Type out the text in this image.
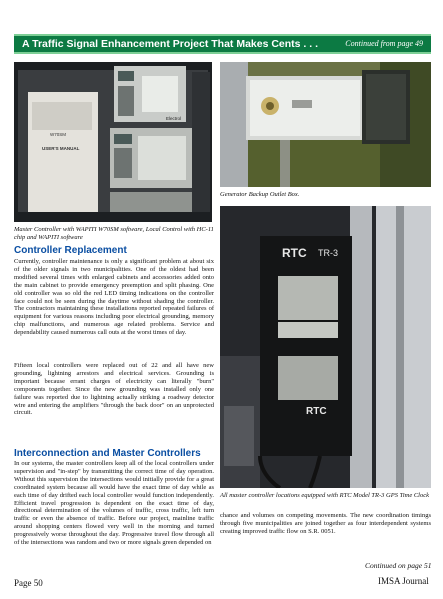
A Traffic Signal Enhancement Project That Makes Cents . . .	Continued from page 49
Electrol
W70SM
USER'S MANUAL
Master Controller with WAPITI W70SM software, Local Control with HC-11 chip and WAPITI software
Generator Backup Outlet Box.
RTC TR-3
RTC
All master controller locations equipped with RTC Model TR-3 GPS Time Clock
Controller Replacement

Currently, controller maintenance is only a significant problem at about six of the older signals in two municipalities. One of the oldest had been modified several times with enlarged cabinets and accessories added onto the main cabinet to provide emergency preemption and split phasing. One old controller was so old the red LED timing indications on the controller face could not be seen during the daytime without shading the controller. The contractors maintaining these installations reported repeated failures of equipment for various reasons including poor electrical grounding, memory chip malfunctions, and numerous age related problems. Service and dependability caused numerous call outs at the worst times of day.

Fifteen local controllers were replaced out of 22 and all have new grounding, lightning arrestors and electrical services. Grounding is important because errant charges of electricity can literally "burn" components together. Since the new grounding was installed only one failure was reported due to lightning actually striking a roadway detector wire and entering the amplifiers "through the back door" on an unprotected circuit.

Interconnection and Master Controllers

In our systems, the master controllers keep all of the local controllers under supervision and "in-step" by transmitting the correct time of day operation. Without this supervision the intersections would initially provide for a great coordinated system because all would have the exact time of day while as each time of day drifted each local controller would function independently. Efficient travel progression is dependent on the exact time of day, directional determination of the volumes of traffic, cross traffic, left turn traffic or even the absence of traffic. Before our project, mainline traffic around shopping centers flowed very well in the morning and turned progressively worse throughout the day. Progressive travel flow through all of the intersections was random and two or more signals green depended on

chance and volumes on competing movements. The new coordination timings through five municipalities are joined together as four interdependent systems creating improved traffic flow on S.R. 0051.

Continued on page 51
Page 50	IMSA Journal
